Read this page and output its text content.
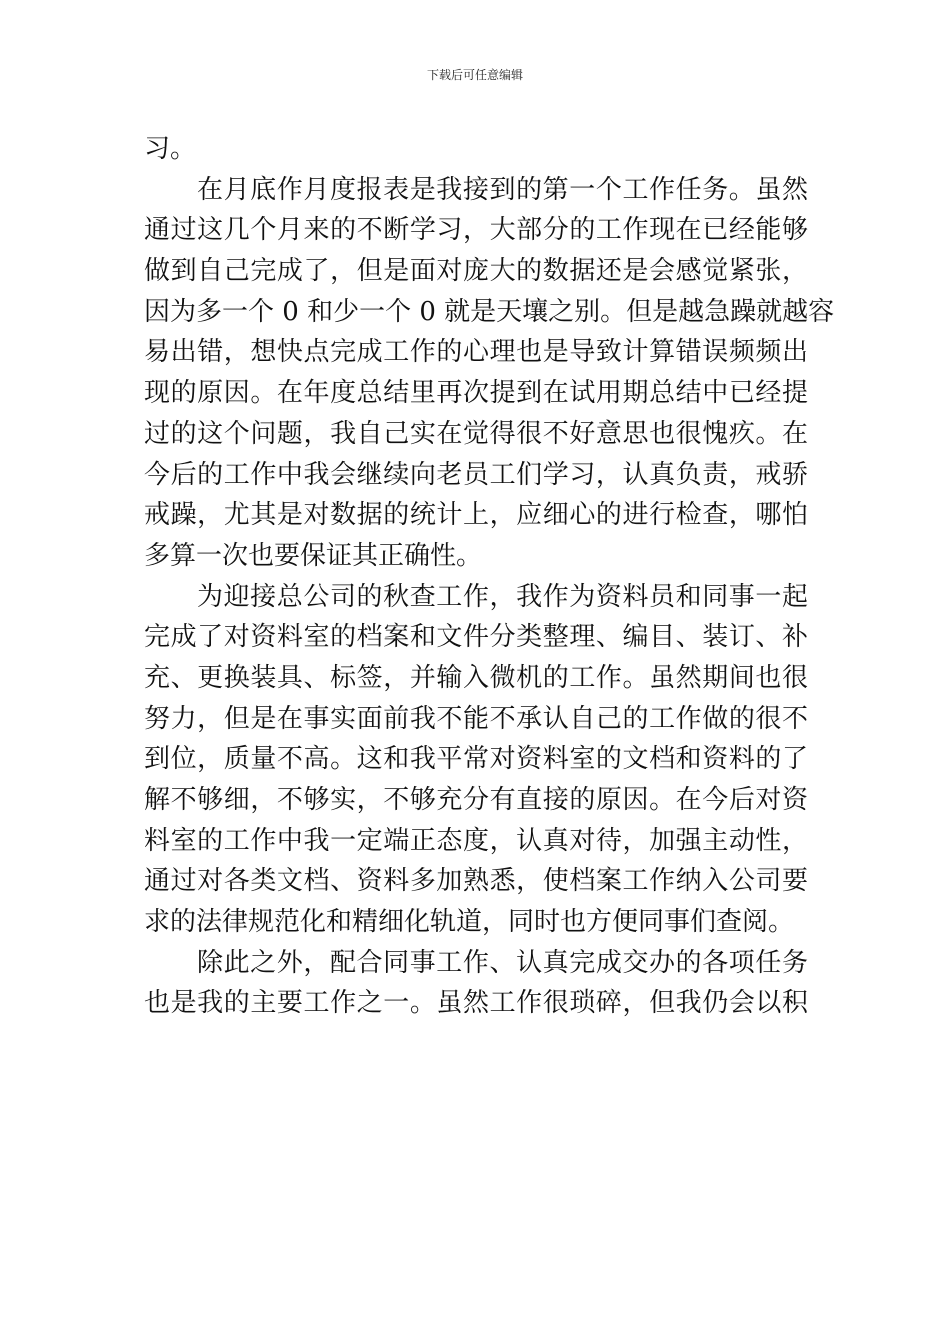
下载后可任意编辑
习。
在月底作月度报表是我接到的第一个工作任务。虽然
通过这几个月来的不断学习，大部分的工作现在已经能够
做到自己完成了，但是面对庞大的数据还是会感觉紧张，
因为多一个 0 和少一个 0 就是天壤之别。但是越急躁就越容
易出错，想快点完成工作的心理也是导致计算错误频频出
现的原因。在年度总结里再次提到在试用期总结中已经提
过的这个问题，我自己实在觉得很不好意思也很愧疚。在
今后的工作中我会继续向老员工们学习，认真负责，戒骄
戒躁，尤其是对数据的统计上，应细心的进行检查，哪怕
多算一次也要保证其正确性。
为迎接总公司的秋查工作，我作为资料员和同事一起
完成了对资料室的档案和文件分类整理、编目、装订、补
充、更换装具、标签，并输入微机的工作。虽然期间也很
努力，但是在事实面前我不能不承认自己的工作做的很不
到位，质量不高。这和我平常对资料室的文档和资料的了
解不够细，不够实，不够充分有直接的原因。在今后对资
料室的工作中我一定端正态度，认真对待，加强主动性，
通过对各类文档、资料多加熟悉，使档案工作纳入公司要
求的法律规范化和精细化轨道，同时也方便同事们查阅。
除此之外，配合同事工作、认真完成交办的各项任务
也是我的主要工作之一。虽然工作很琐碎，但我仍会以积
